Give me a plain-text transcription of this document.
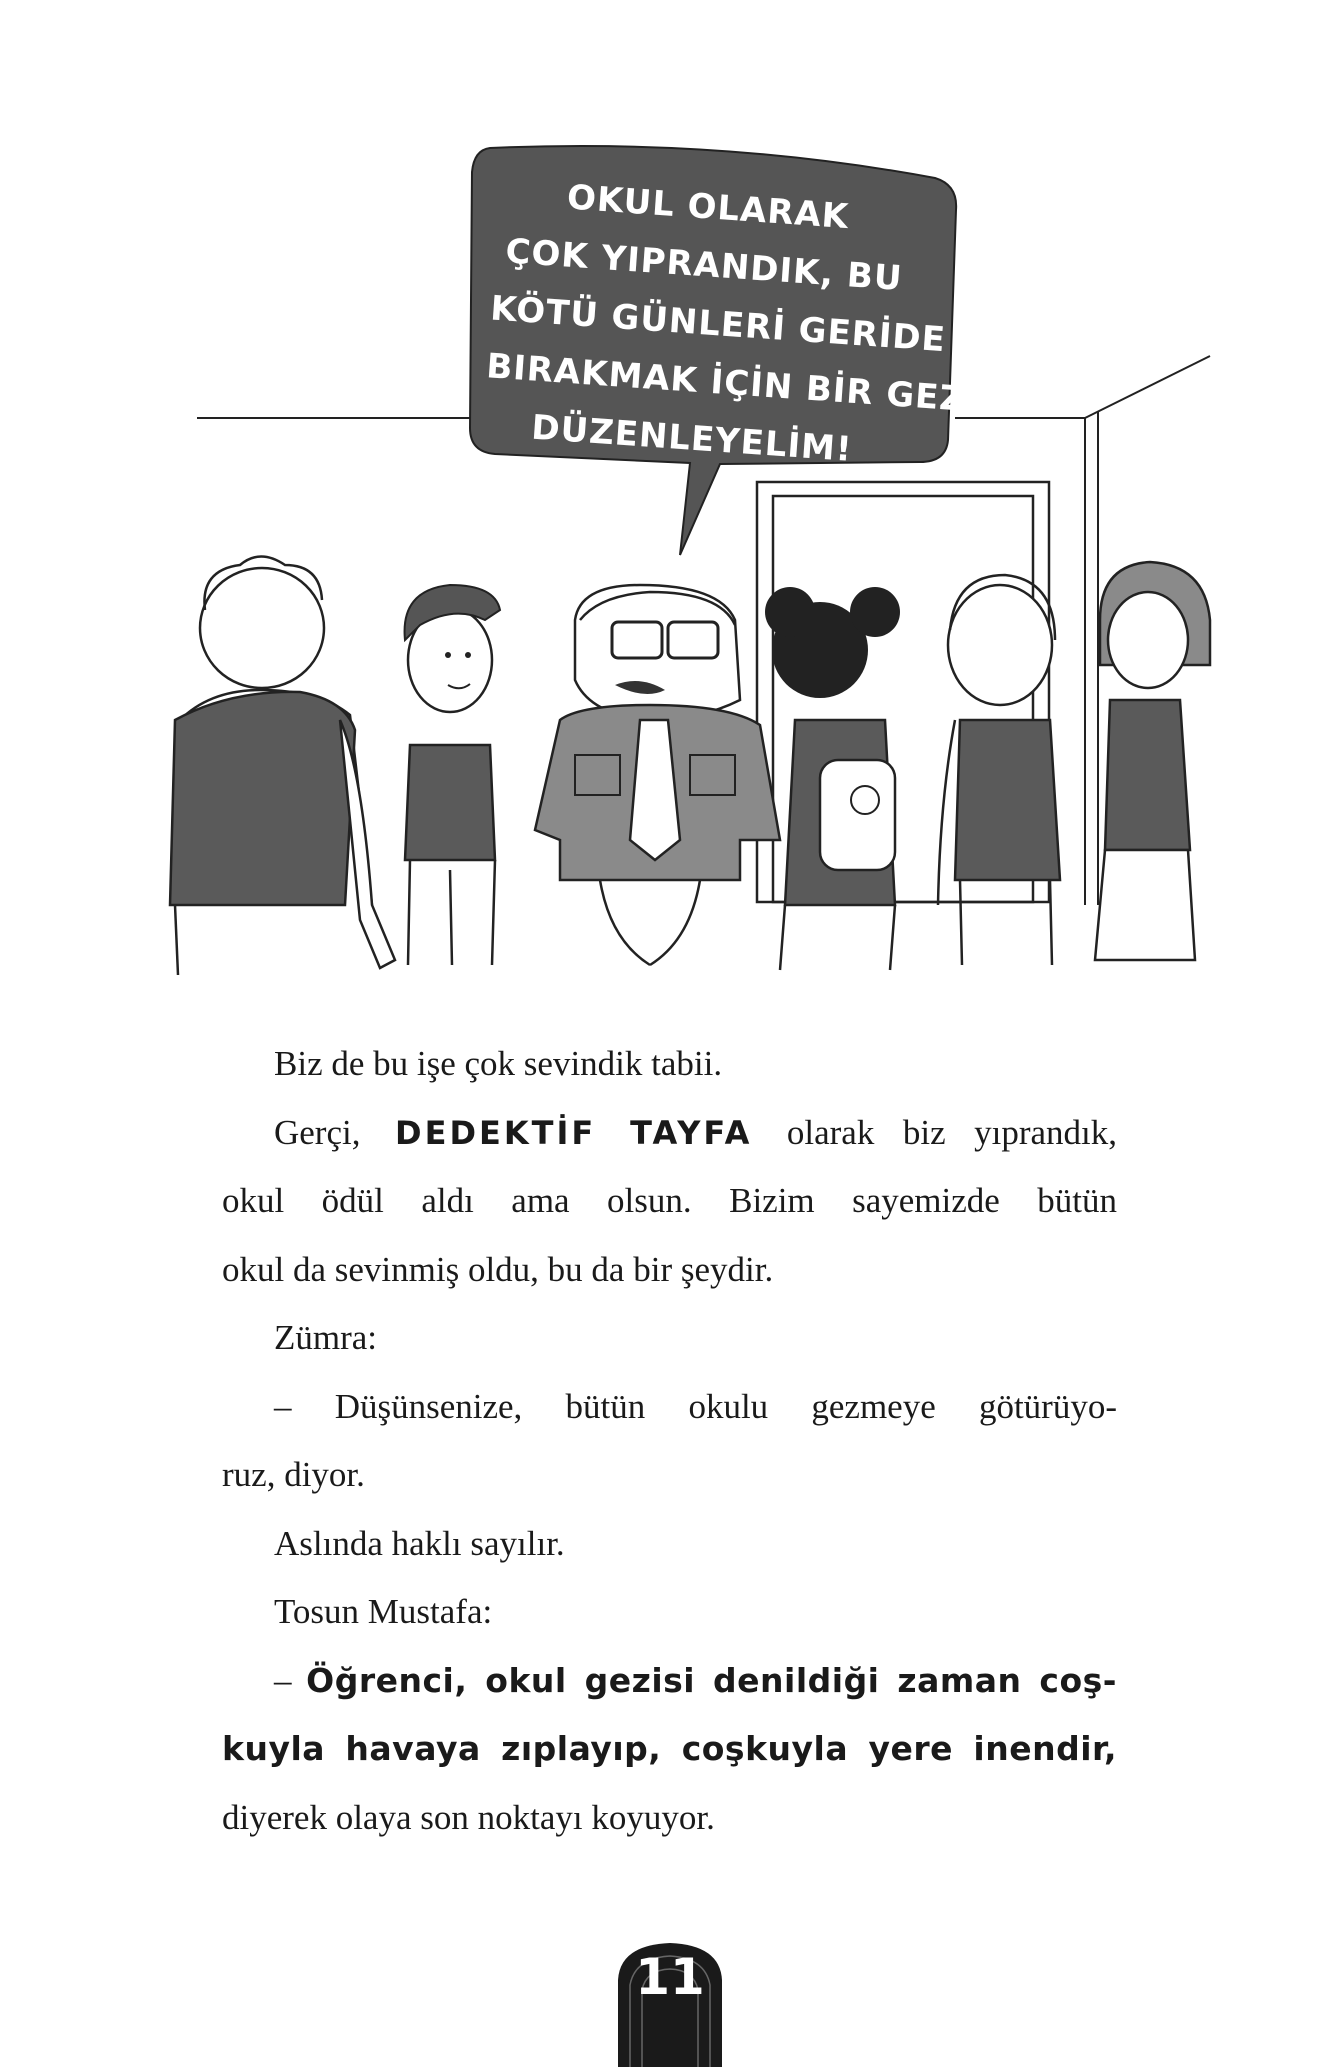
OKUL OLARAK
ÇOK YIPRANDIK, BU
KÖTÜ GÜNLERİ GERİDE
BIRAKMAK İÇİN BİR GEZİ
DÜZENLEYELİM!
Biz de bu işe çok sevindik tabii.
Gerçi, DEDEKTİF TAYFA olarak biz yıprandık,
okul ödül aldı ama olsun. Bizim sayemizde bütün
okul da sevinmiş oldu, bu da bir şeydir.
Zümra:
– Düşünsenize, bütün okulu gezmeye götürüyo-
ruz, diyor.
Aslında haklı sayılır.
Tosun Mustafa:
– Öğrenci, okul gezisi denildiği zaman coş-
kuyla havaya zıplayıp, coşkuyla yere inendir,
diyerek olaya son noktayı koyuyor.
11
